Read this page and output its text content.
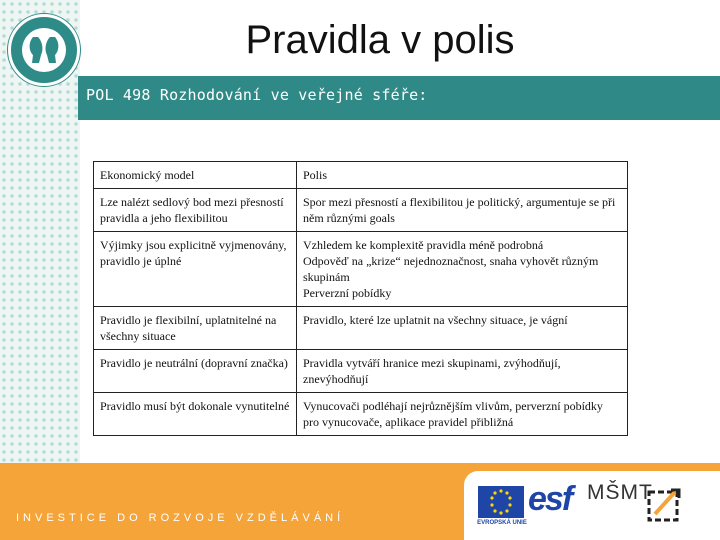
Pravidla v polis
POL 498 Rozhodování ve veřejné sféře:
Ekonomický model	Polis

Lze nalézt sedlový bod mezi přesností pravidla a jeho flexibilitou	Spor mezi přesností a flexibilitou je politický, argumentuje se při něm různými goals

Výjimky jsou explicitně vyjmenovány, pravidlo je úplné	Vzhledem ke komplexitě pravidla méně podrobná
Odpověď na „krize“ nejednoznačnost, snaha vyhovět různým skupinám
Perverzní pobídky

Pravidlo je flexibilní, uplatnitelné na všechny situace	Pravidlo, které lze uplatnit na všechny situace, je vágní

Pravidlo je neutrální (dopravní značka)	Pravidla vytváří hranice mezi skupinami, zvýhodňují, znevýhodňují

Pravidlo musí být dokonale vynutitelné	Vynucovači podléhají nejrůznějším vlivům, perverzní pobídky pro vynucovače, aplikace pravidel přibližná
INVESTICE DO ROZVOJE VZDĚLÁVÁNÍ	EVROPSKÁ UNIE
esf MŠMT
